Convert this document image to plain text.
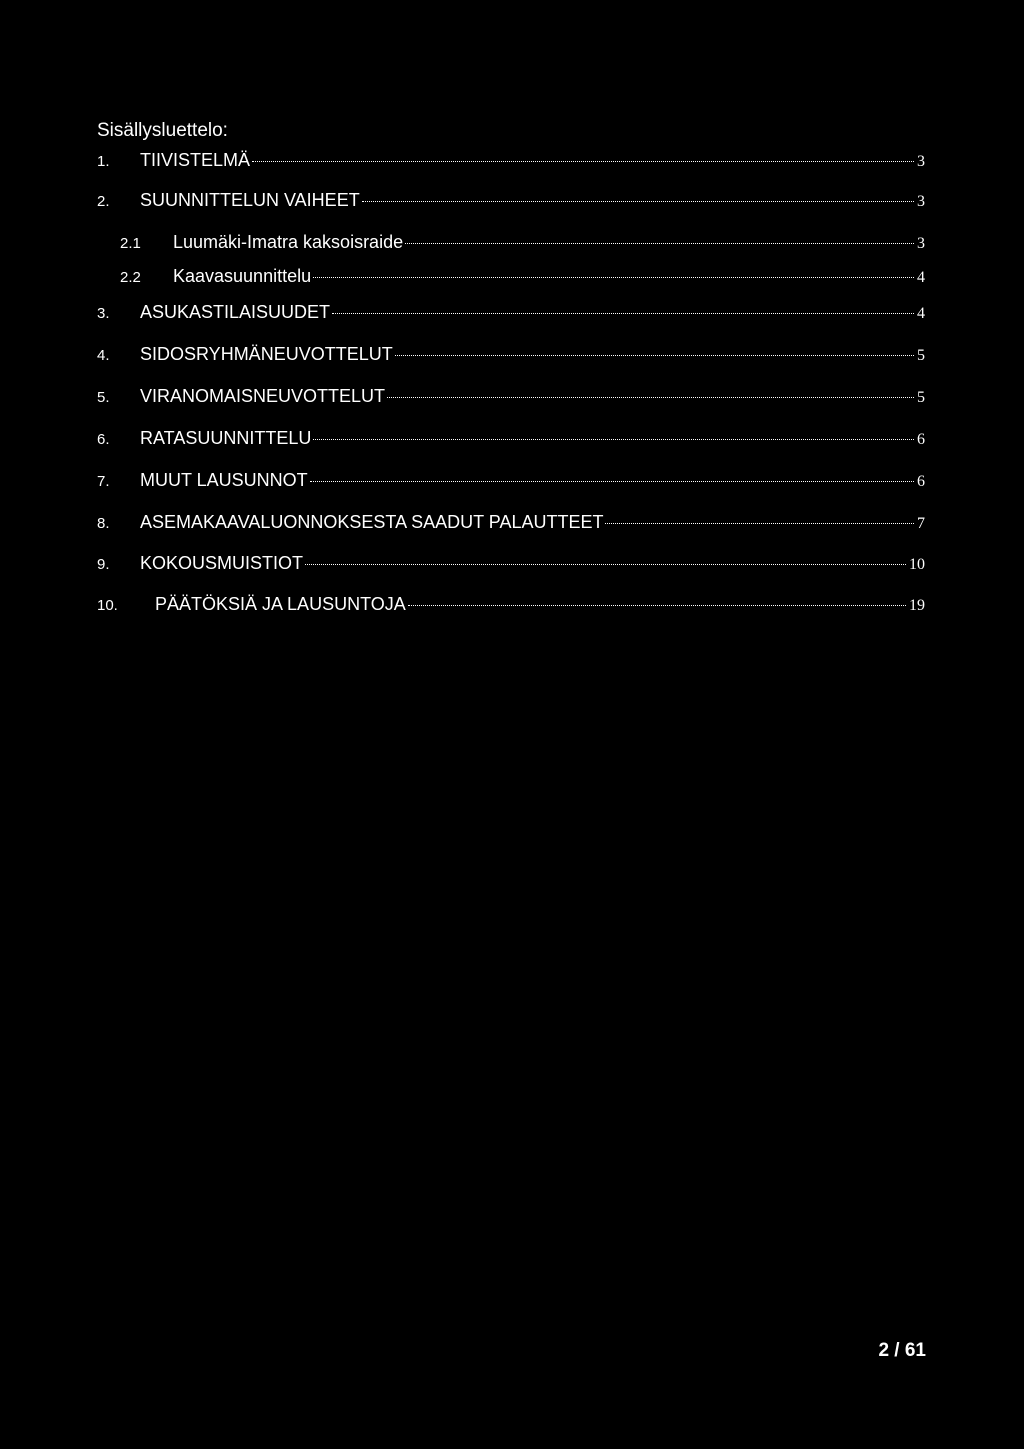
Sisällysluettelo:
1.	TIIVISTELMÄ	3
2.	SUUNNITTELUN VAIHEET	3
2.1	Luumäki-Imatra kaksoisraide	3
2.2	Kaavasuunnittelu	4
3.	ASUKASTILAISUUDET	4
4.	SIDOSRYHMÄNEUVOTTELUT	5
5.	VIRANOMAISNEUVOTTELUT	5
6.	RATASUUNNITTELU	6
7.	MUUT LAUSUNNOT	6
8.	ASEMAKAAVALUONNOKSESTA SAADUT PALAUTTEET	7
9.	KOKOUSMUISTIOT	10
10.	PÄÄTÖKSIÄ JA LAUSUNTOJA	19
2 / 61
